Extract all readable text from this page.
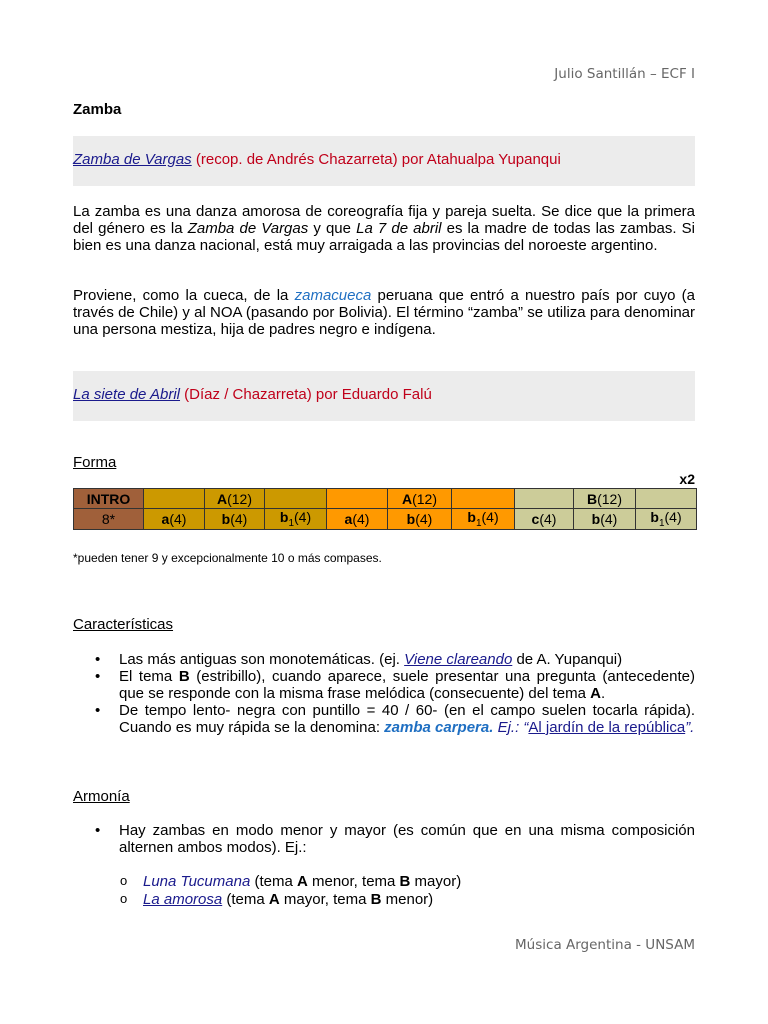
Julio Santillán – ECF I
Zamba
Zamba de Vargas (recop. de Andrés Chazarreta) por Atahualpa Yupanqui
La zamba es una danza amorosa de coreografía fija y pareja suelta. Se dice que la primera del género es la Zamba de Vargas y que La 7 de abril es la madre de todas las zambas. Si bien es una danza nacional, está muy arraigada a las provincias del noroeste argentino.
Proviene, como la cueca, de la zamacueca peruana que entró a nuestro país por cuyo (a través de Chile) y al NOA (pasando por Bolivia). El término “zamba” se utiliza para denominar una persona mestiza, hija de padres negro e indígena.
La siete de Abril (Díaz / Chazarreta) por Eduardo Falú
Forma
x2
INTRO		A(12)			A(12)			B(12)	
8*	a(4)	b(4)	$b_1(4)$	a(4)	b(4)	$b_1(4)$	c(4)	b(4)	$b_1(4)$
*pueden tener 9 y excepcionalmente 10 o más compases.
Características
• Las más antiguas son monotemáticas. (ej. Viene clareando de A. Yupanqui)
• El tema B (estribillo), cuando aparece, suele presentar una pregunta (antecedente) que se responde con la misma frase melódica (consecuente) del tema A.
• De tempo lento- negra con puntillo = 40 / 60- (en el campo suelen tocarla rápida). Cuando es muy rápida se la denomina: zamba carpera. Ej.: “Al jardín de la república”.
Armonía
• Hay zambas en modo menor y mayor (es común que en una misma composición alternen ambos modos). Ej.:
o Luna Tucumana (tema A menor, tema B mayor)
o La amorosa (tema A mayor, tema B menor)
Música Argentina - UNSAM
